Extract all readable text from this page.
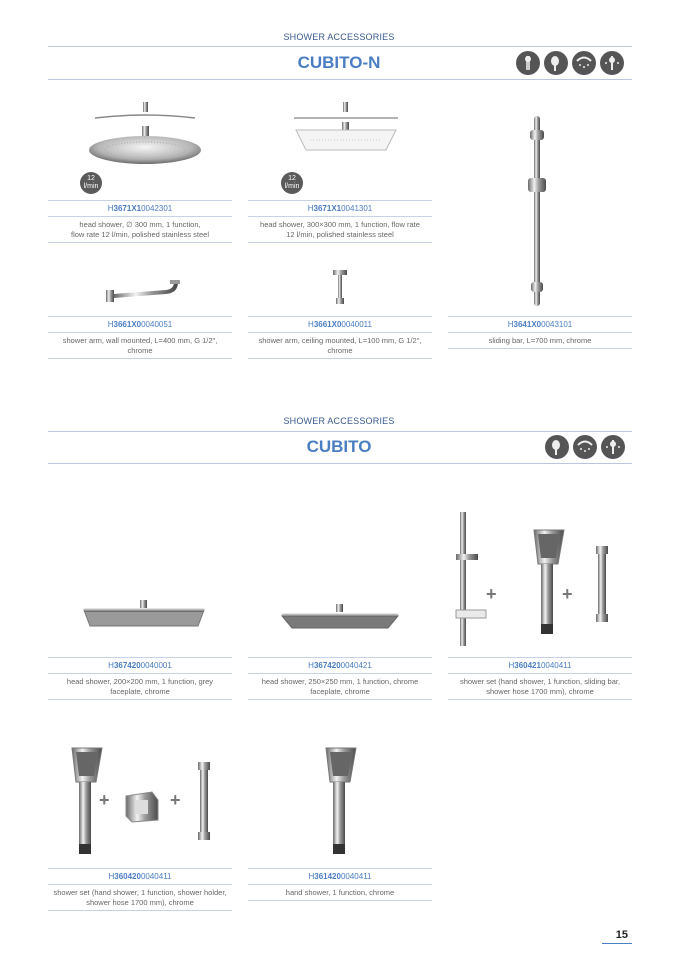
SHOWER ACCESSORIES
CUBITO-N
12
l/min
12
l/min
H3671X10042301
head shower, ∅ 300 mm, 1 function,
flow rate 12 l/min, polished stainless steel
H3671X10041301
head shower, 300×300 mm, 1 function, flow rate
12 l/min, polished stainless steel
H3661X00040051
shower arm, wall mounted, L=400 mm, G 1/2",
chrome
H3661X00040011
shower arm, ceiling mounted, L=100 mm, G 1/2",
chrome
H3641X00043101
sliding bar, L=700 mm, chrome
SHOWER ACCESSORIES
CUBITO
+	+
+	+
H3674200040001
head shower, 200×200 mm, 1 function, grey
faceplate, chrome
H3674200040421
head shower, 250×250 mm, 1 function, chrome
faceplate, chrome
H3604210040411
shower set (hand shower, 1 function, sliding bar,
shower hose 1700 mm), chrome
H3604200040411
shower set (hand shower, 1 function, shower holder,
shower hose 1700 mm), chrome
H3614200040411
hand shower, 1 function, chrome
15
